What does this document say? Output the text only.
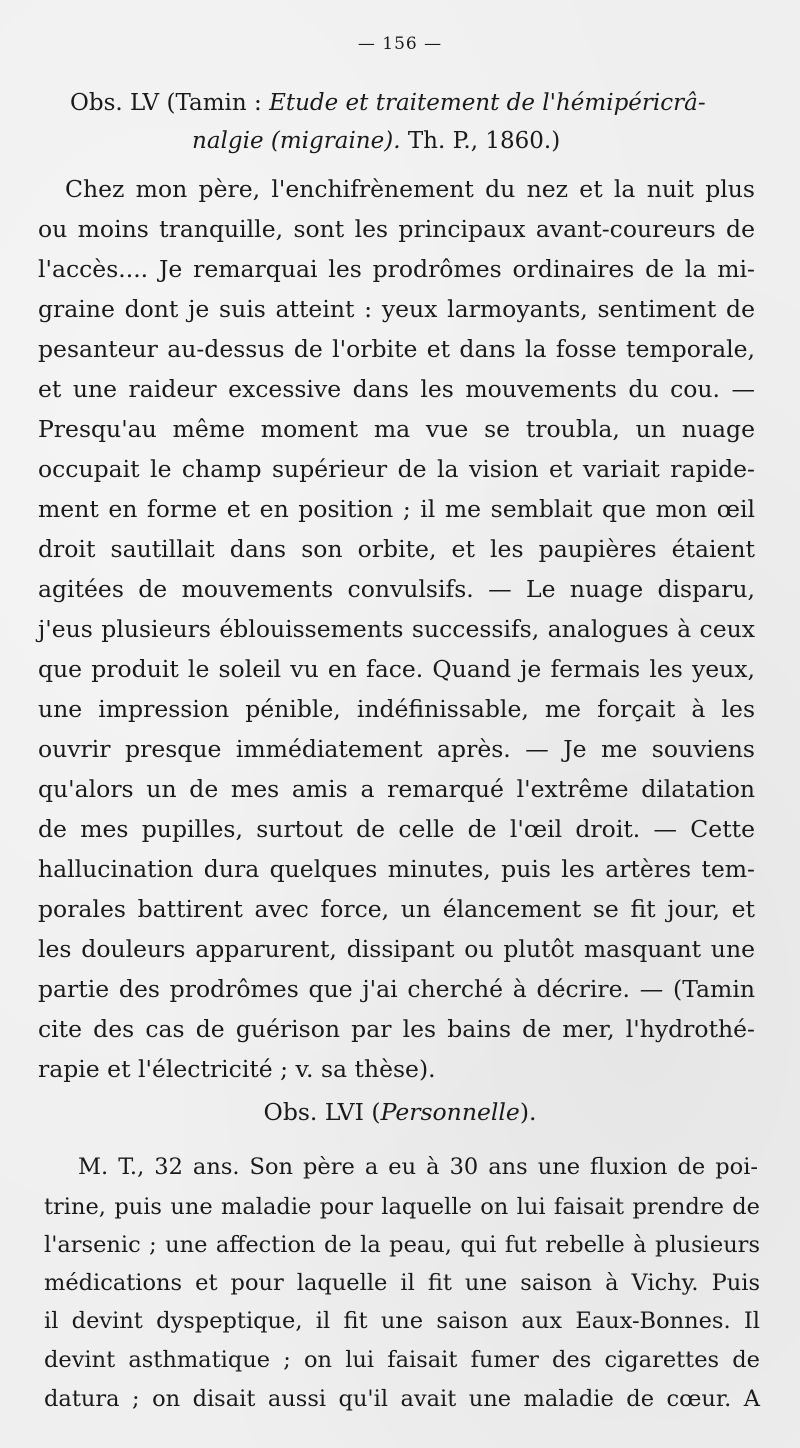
— 156 —
Obs. LV (Tamin : Etude et traitement de l'hémipéricrâ-
nalgie (migraine). Th. P., 1860.)
Chez mon père, l'enchifrènement du nez et la nuit plus
ou moins tranquille, sont les principaux avant-coureurs de
l'accès.... Je remarquai les prodrômes ordinaires de la mi-
graine dont je suis atteint : yeux larmoyants, sentiment de
pesanteur au-dessus de l'orbite et dans la fosse temporale,
et une raideur excessive dans les mouvements du cou. —
Presqu'au même moment ma vue se troubla, un nuage
occupait le champ supérieur de la vision et variait rapide-
ment en forme et en position ; il me semblait que mon œil
droit sautillait dans son orbite, et les paupières étaient
agitées de mouvements convulsifs. — Le nuage disparu,
j'eus plusieurs éblouissements successifs, analogues à ceux
que produit le soleil vu en face. Quand je fermais les yeux,
une impression pénible, indéfinissable, me forçait à les
ouvrir presque immédiatement après. — Je me souviens
qu'alors un de mes amis a remarqué l'extrême dilatation
de mes pupilles, surtout de celle de l'œil droit. — Cette
hallucination dura quelques minutes, puis les artères tem-
porales battirent avec force, un élancement se fit jour, et
les douleurs apparurent, dissipant ou plutôt masquant une
partie des prodrômes que j'ai cherché à décrire. — (Tamin
cite des cas de guérison par les bains de mer, l'hydrothé-
rapie et l'électricité ; v. sa thèse).
Obs. LVI (Personnelle).
M. T., 32 ans. Son père a eu à 30 ans une fluxion de poi-
trine, puis une maladie pour laquelle on lui faisait prendre de
l'arsenic ; une affection de la peau, qui fut rebelle à plusieurs
médications et pour laquelle il fit une saison à Vichy. Puis
il devint dyspeptique, il fit une saison aux Eaux-Bonnes. Il
devint asthmatique ; on lui faisait fumer des cigarettes de
datura ; on disait aussi qu'il avait une maladie de cœur. A
